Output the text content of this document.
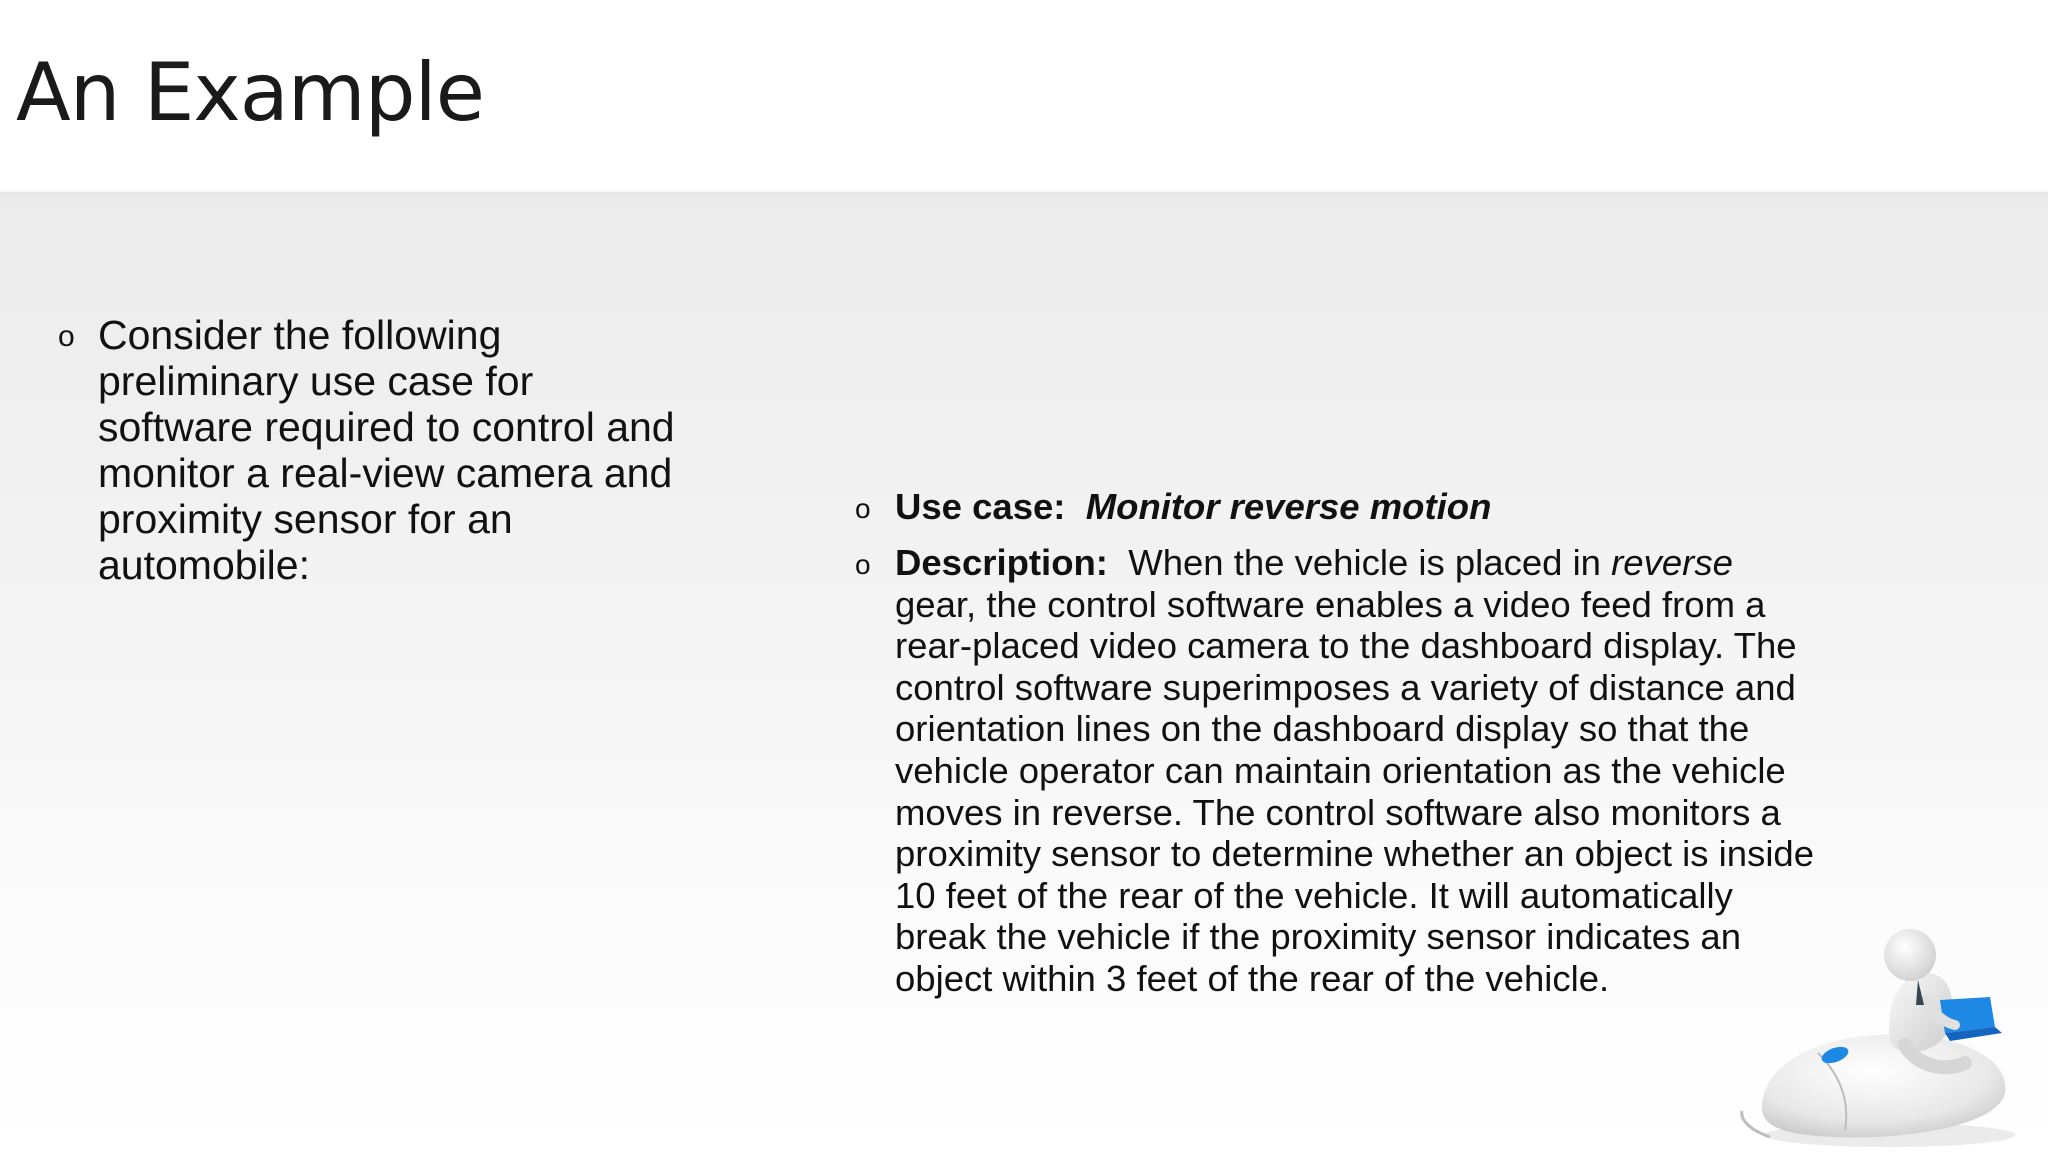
An Example
o Consider the following preliminary use case for software required to control and monitor a real-view camera and proximity sensor for an automobile:
o Use case: Monitor reverse motion
o Description: When the vehicle is placed in reverse gear, the control software enables a video feed from a rear-placed video camera to the dashboard display. The control software superimposes a variety of distance and orientation lines on the dashboard display so that the vehicle operator can maintain orientation as the vehicle moves in reverse. The control software also monitors a proximity sensor to determine whether an object is inside 10 feet of the rear of the vehicle. It will automatically break the vehicle if the proximity sensor indicates an object within 3 feet of the rear of the vehicle.
